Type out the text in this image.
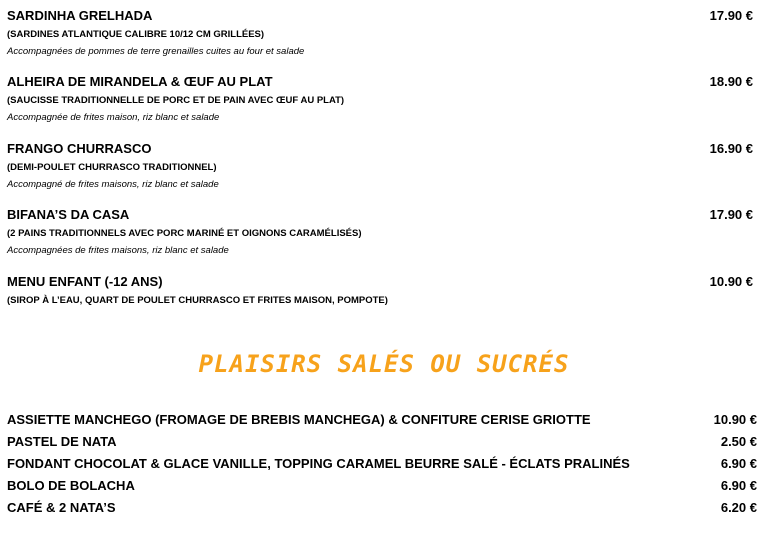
SARDINHA GRELHADA
(SARDINES ATLANTIQUE CALIBRE 10/12 CM GRILLÉES)
Accompagnées de pommes de terre grenailles cuites au four et salade
17.90 €
ALHEIRA DE MIRANDELA & ŒUF AU PLAT
(SAUCISSE TRADITIONNELLE DE PORC ET DE PAIN AVEC ŒUF AU PLAT)
Accompagnée de frites maison, riz blanc et salade
18.90 €
FRANGO CHURRASCO
(DEMI-POULET CHURRASCO TRADITIONNEL)
Accompagné de frites maisons, riz blanc et salade
16.90 €
BIFANA’S DA CASA
(2 PAINS TRADITIONNELS AVEC PORC MARINÉ ET OIGNONS CARAMÉLISÉS)
Accompagnées de frites maisons, riz blanc et salade
17.90 €
MENU ENFANT (-12 ANS)
(SIROP À L’EAU, QUART DE POULET CHURRASCO ET FRITES MAISON, POMPOTE)
10.90 €
PLAISIRS SALÉS OU SUCRÉS
ASSIETTE MANCHEGO (FROMAGE DE BREBIS MANCHEGA) & CONFITURE CERISE GRIOTTE	10.90 €
PASTEL DE NATA	2.50 €
FONDANT CHOCOLAT & GLACE VANILLE, TOPPING CARAMEL BEURRE SALÉ - ÉCLATS PRALINÉS	6.90 €
BOLO DE BOLACHA	6.90 €
CAFÉ & 2 NATA’S	6.20 €
